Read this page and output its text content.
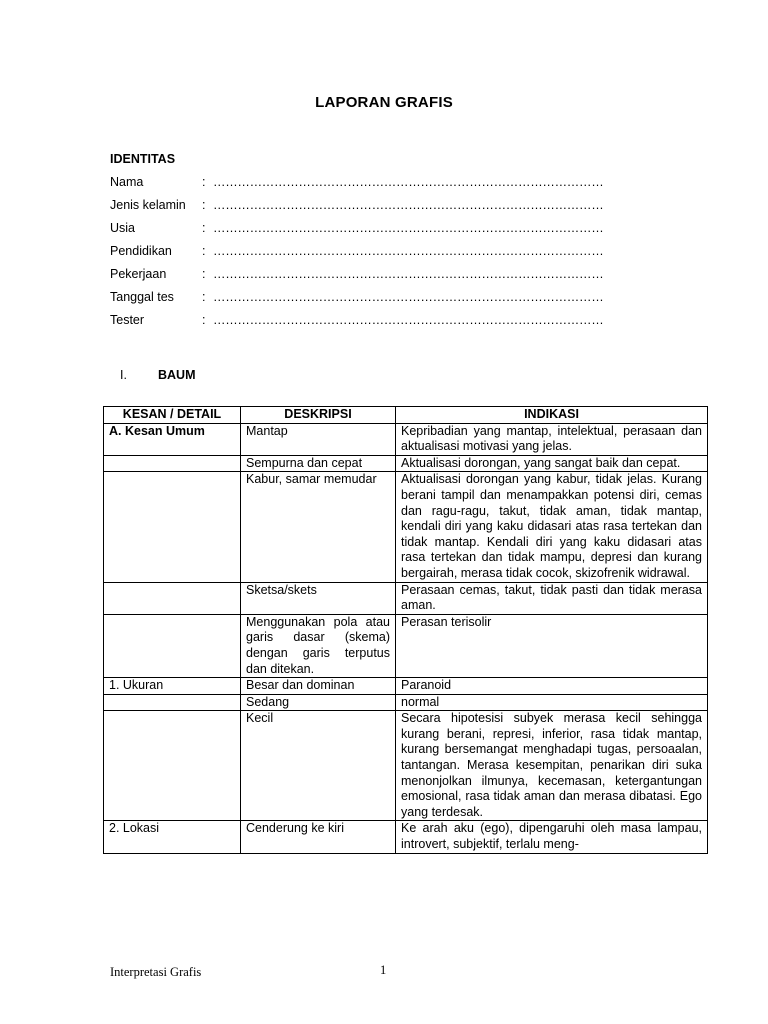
LAPORAN GRAFIS
IDENTITAS
Nama	: ……………………………………………………………………………………
Jenis kelamin : ……………………………………………………………………………………
Usia	: ……………………………………………………………………………………
Pendidikan : ……………………………………………………………………………………
Pekerjaan	: ……………………………………………………………………………………
Tanggal tes : ……………………………………………………………………………………
Tester	: ……………………………………………………………………………………
I. BAUM
KESAN / DETAIL	DESKRIPSI	INDIKASI
A. Kesan Umum	Mantap	Kepribadian yang mantap, intelektual, perasaan dan aktualisasi motivasi yang jelas.
	Sempurna dan cepat	Aktualisasi dorongan, yang sangat baik dan cepat.
	Kabur, samar memudar	Aktualisasi dorongan yang kabur, tidak jelas. Kurang berani tampil dan menampakkan potensi diri, cemas dan ragu-ragu, takut, tidak aman, tidak mantap, kendali diri yang kaku didasari atas rasa tertekan dan tidak mantap. Kendali diri yang kaku didasari atas rasa tertekan dan tidak mampu, depresi dan kurang bergairah, merasa tidak cocok, skizofrenik widrawal.
	Sketsa/skets	Perasaan cemas, takut, tidak pasti dan tidak merasa aman.
	Menggunakan pola atau garis dasar (skema) dengan garis terputus dan ditekan.	Perasan terisolir
1. Ukuran	Besar dan dominan	Paranoid
	Sedang	normal
	Kecil	Secara hipotesisi subyek merasa kecil sehingga kurang berani, represi, inferior, rasa tidak mantap, kurang bersemangat menghadapi tugas, persoaalan, tantangan. Merasa kesempitan, penarikan diri suka menonjolkan ilmunya, kecemasan, ketergantungan emosional, rasa tidak aman dan merasa dibatasi. Ego yang terdesak.
2. Lokasi	Cenderung ke kiri	Ke arah aku (ego), dipengaruhi oleh masa lampau, introvert, subjektif, terlalu meng-
Interpretasi Grafis	1
